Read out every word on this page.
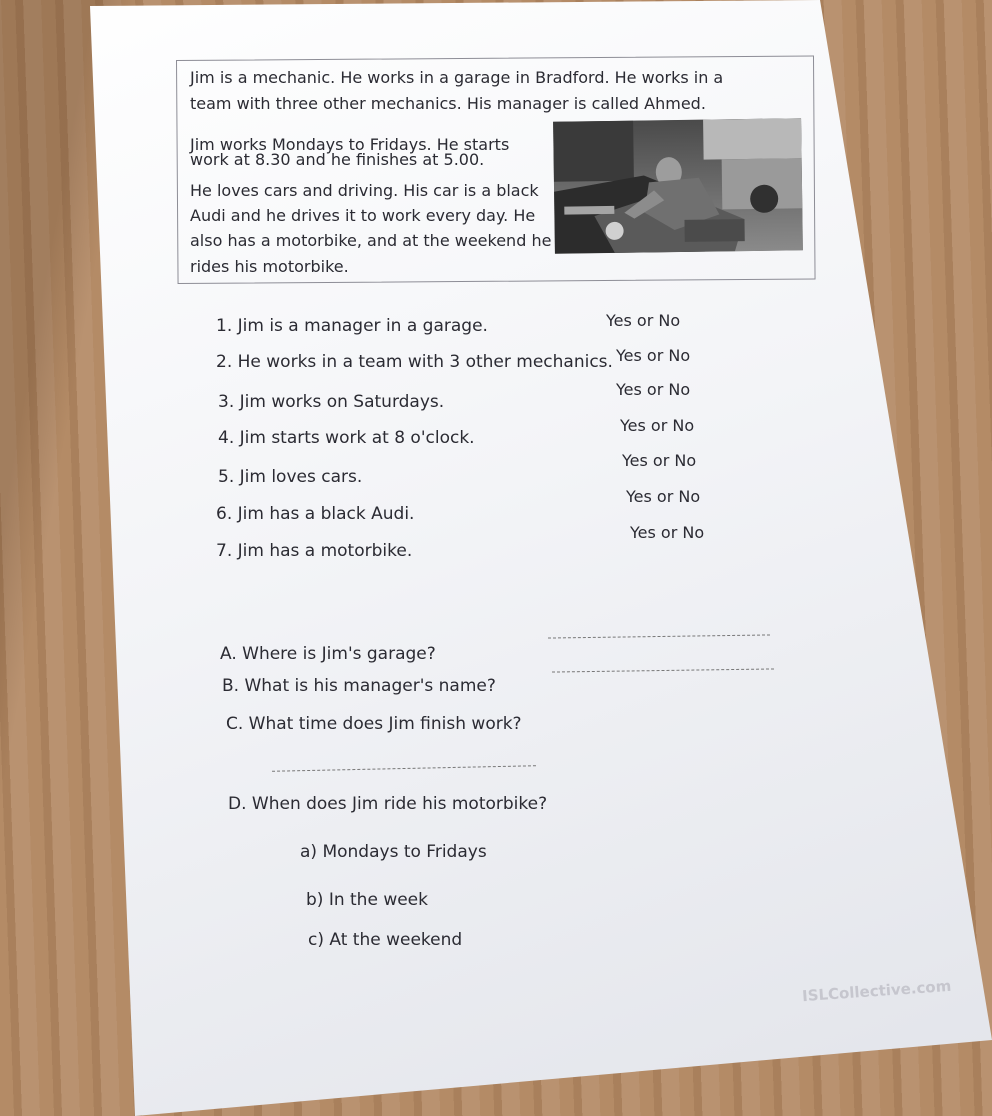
Jim is a mechanic. He works in a garage in Bradford. He works in a
team with three other mechanics. His manager is called Ahmed.
Jim works Mondays to Fridays. He starts
work at 8.30 and he finishes at 5.00.
He loves cars and driving. His car is a black
Audi and he drives it to work every day. He
also has a motorbike, and at the weekend he
rides his motorbike.
1. Jim is a manager in a garage.	Yes or No
2. He works in a team with 3 other mechanics. Yes or No
3. Jim works on Saturdays.
Yes or No
4. Jim starts work at 8 o'clock.
Yes or No
5. Jim loves cars.
Yes or No
6. Jim has a black Audi.
Yes or No
7. Jim has a motorbike.
Yes or No
A. Where is Jim's garage?
B. What is his manager's name?
C. What time does Jim finish work?
D. When does Jim ride his motorbike?
a) Mondays to Fridays
b) In the week
c) At the weekend
ISLCollective.com
